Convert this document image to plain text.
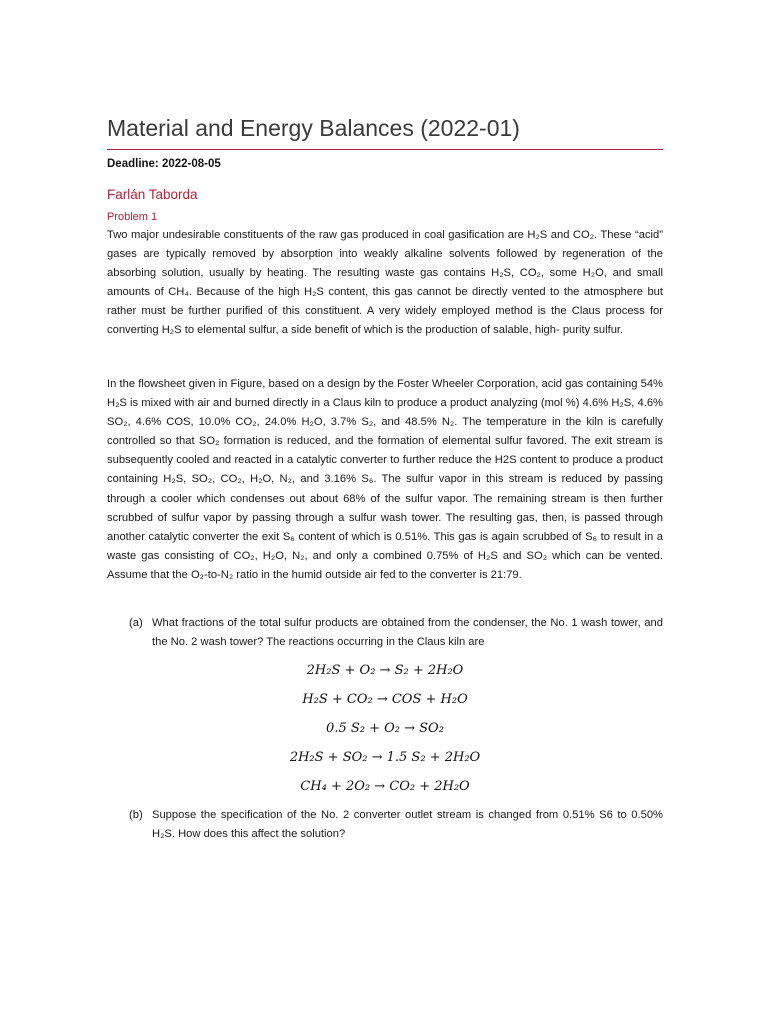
Material and Energy Balances (2022-01)
Deadline: 2022-08-05
Farlán Taborda
Problem 1
Two major undesirable constituents of the raw gas produced in coal gasification are H₂S and CO₂. These “acid” gases are typically removed by absorption into weakly alkaline solvents followed by regeneration of the absorbing solution, usually by heating. The resulting waste gas contains H₂S, CO₂, some H₂O, and small amounts of CH₄. Because of the high H₂S content, this gas cannot be directly vented to the atmosphere but rather must be further purified of this constituent. A very widely employed method is the Claus process for converting H₂S to elemental sulfur, a side benefit of which is the production of salable, high- purity sulfur.
In the flowsheet given in Figure, based on a design by the Foster Wheeler Corporation, acid gas containing 54% H₂S is mixed with air and burned directly in a Claus kiln to produce a product analyzing (mol %) 4.6% H₂S, 4.6% SO₂, 4.6% COS, 10.0% CO₂, 24.0% H₂O, 3.7% S₂, and 48.5% N₂. The temperature in the kiln is carefully controlled so that SO₂ formation is reduced, and the formation of elemental sulfur favored. The exit stream is subsequently cooled and reacted in a catalytic converter to further reduce the H2S content to produce a product containing H₂S, SO₂, CO₂, H₂O, N₂, and 3.16% S₆. The sulfur vapor in this stream is reduced by passing through a cooler which condenses out about 68% of the sulfur vapor. The remaining stream is then further scrubbed of sulfur vapor by passing through a sulfur wash tower. The resulting gas, then, is passed through another catalytic converter the exit S₆ content of which is 0.51%. This gas is again scrubbed of S₆ to result in a waste gas consisting of CO₂, H₂O, N₂, and only a combined 0.75% of H₂S and SO₂ which can be vented. Assume that the O₂-to-N₂ ratio in the humid outside air fed to the converter is 21:79.
(a) What fractions of the total sulfur products are obtained from the condenser, the No. 1 wash tower, and the No. 2 wash tower? The reactions occurring in the Claus kiln are
2H₂S + O₂ → S₂ + 2H₂O
H₂S + CO₂ → COS + H₂O
0.5 S₂ + O₂ → SO₂
2H₂S + SO₂ → 1.5 S₂ + 2H₂O
CH₄ + 2O₂ → CO₂ + 2H₂O
(b) Suppose the specification of the No. 2 converter outlet stream is changed from 0.51% S6 to 0.50% H₂S. How does this affect the solution?
